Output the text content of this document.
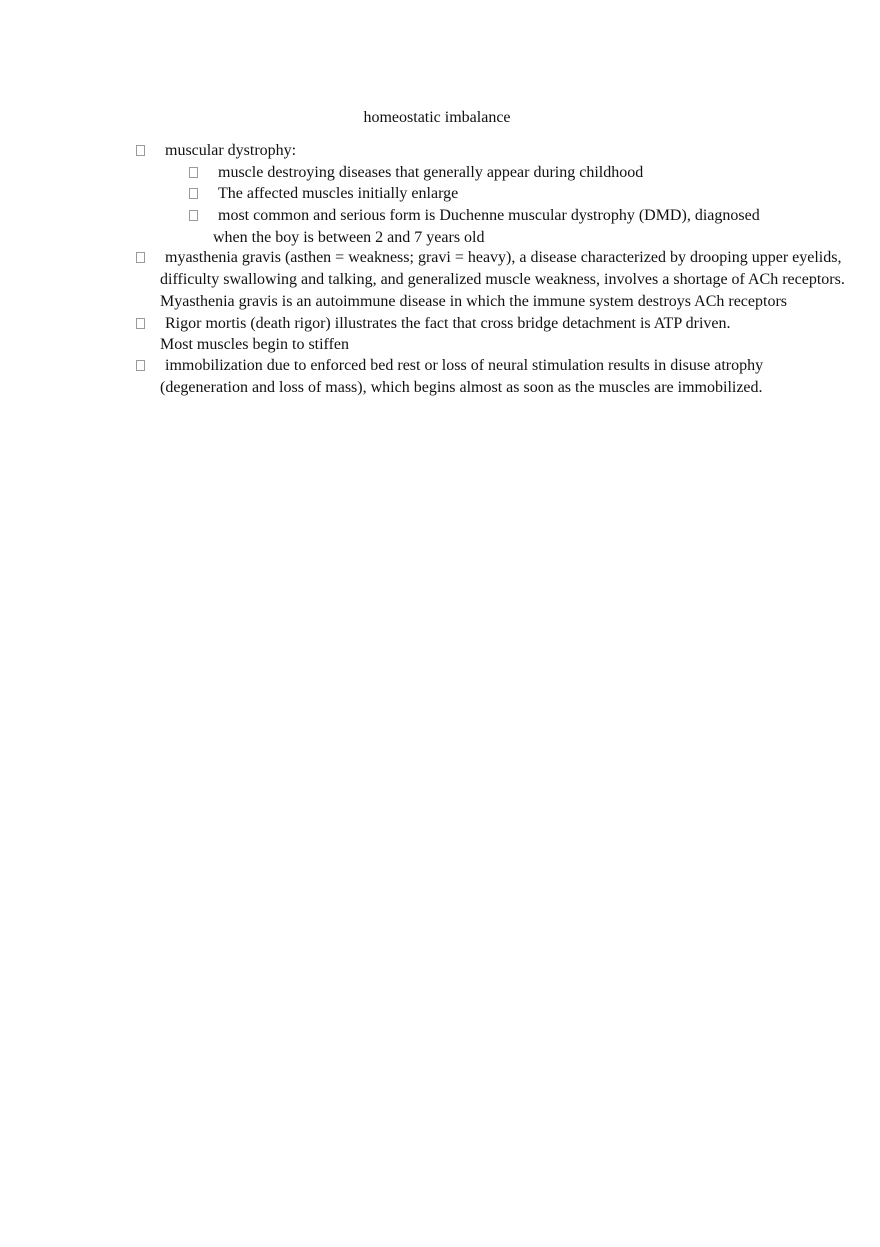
homeostatic imbalance
muscular dystrophy:
muscle destroying diseases that generally appear during childhood
The affected muscles initially enlarge
most common and serious form is Duchenne muscular dystrophy (DMD), diagnosed
when the boy is between 2 and 7 years old
myasthenia gravis (asthen = weakness; gravi = heavy), a disease characterized by drooping upper eyelids,
difficulty swallowing and talking, and generalized muscle weakness, involves a shortage of ACh receptors.
Myasthenia gravis is an autoimmune disease in which the immune system destroys ACh receptors
Rigor mortis (death rigor) illustrates the fact that cross bridge detachment is ATP driven.
Most muscles begin to stiffen
immobilization due to enforced bed rest or loss of neural stimulation results in disuse atrophy
(degeneration and loss of mass), which begins almost as soon as the muscles are immobilized.
